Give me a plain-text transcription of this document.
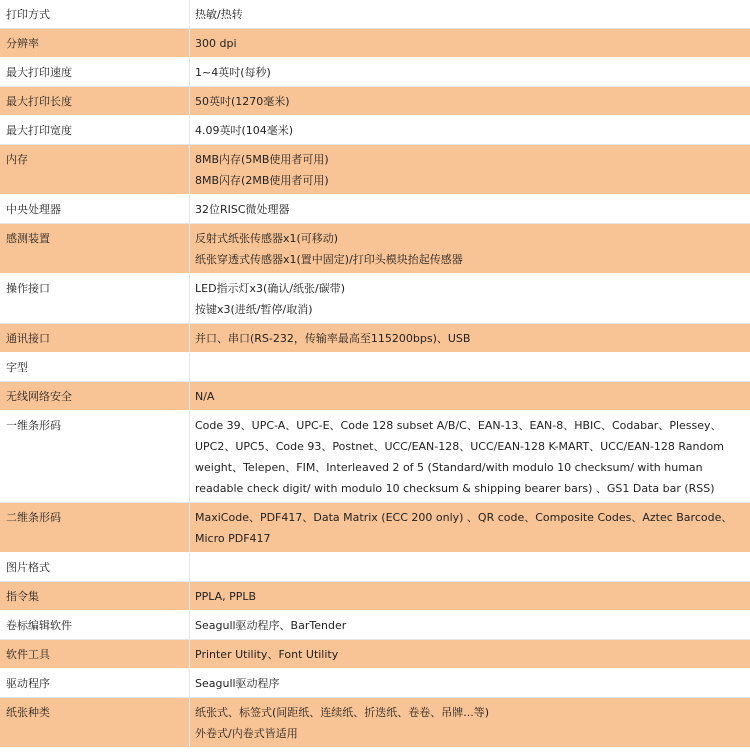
打印方式	热敏/热转

分辨率	300 dpi

最大打印速度	1~4英吋(每秒)

最大打印长度	50英吋(1270毫米)

最大打印宽度	4.09英吋(104毫米)

内存	8MB内存(5MB使用者可用)
8MB闪存(2MB使用者可用)

中央处理器	32位RISC微处理器

感测装置	反射式纸张传感器x1(可移动)
纸张穿透式传感器x1(置中固定)/打印头模块抬起传感器

操作接口	LED指示灯x3(确认/纸张/碳带)
按键x3(进纸/暂停/取消)

通讯接口	并口、串口(RS-232，传输率最高至115200bps)、USB

字型

无线网络安全	N/A

一维条形码	Code 39、UPC-A、UPC-E、Code 128 subset A/B/C、EAN-13、EAN-8、HBIC、Codabar、Plessey、UPC2、UPC5、Code 93、Postnet、UCC/EAN-128、UCC/EAN-128 K-MART、UCC/EAN-128 Random weight、Telepen、FIM、Interleaved 2 of 5 (Standard/with modulo 10 checksum/ with human readable check digit/ with modulo 10 checksum & shipping bearer bars) 、GS1 Data bar (RSS)

二维条形码	MaxiCode、PDF417、Data Matrix (ECC 200 only) 、QR code、Composite Codes、Aztec Barcode、Micro PDF417

图片格式

指令集	PPLA, PPLB

卷标编辑软件	Seagull驱动程序、BarTender

软件工具	Printer Utility、Font Utility

驱动程序	Seagull驱动程序

纸张种类	纸张式、标签式(间距纸、连续纸、折迭纸、卷卷、吊牌...等)
外卷式/内卷式皆适用
